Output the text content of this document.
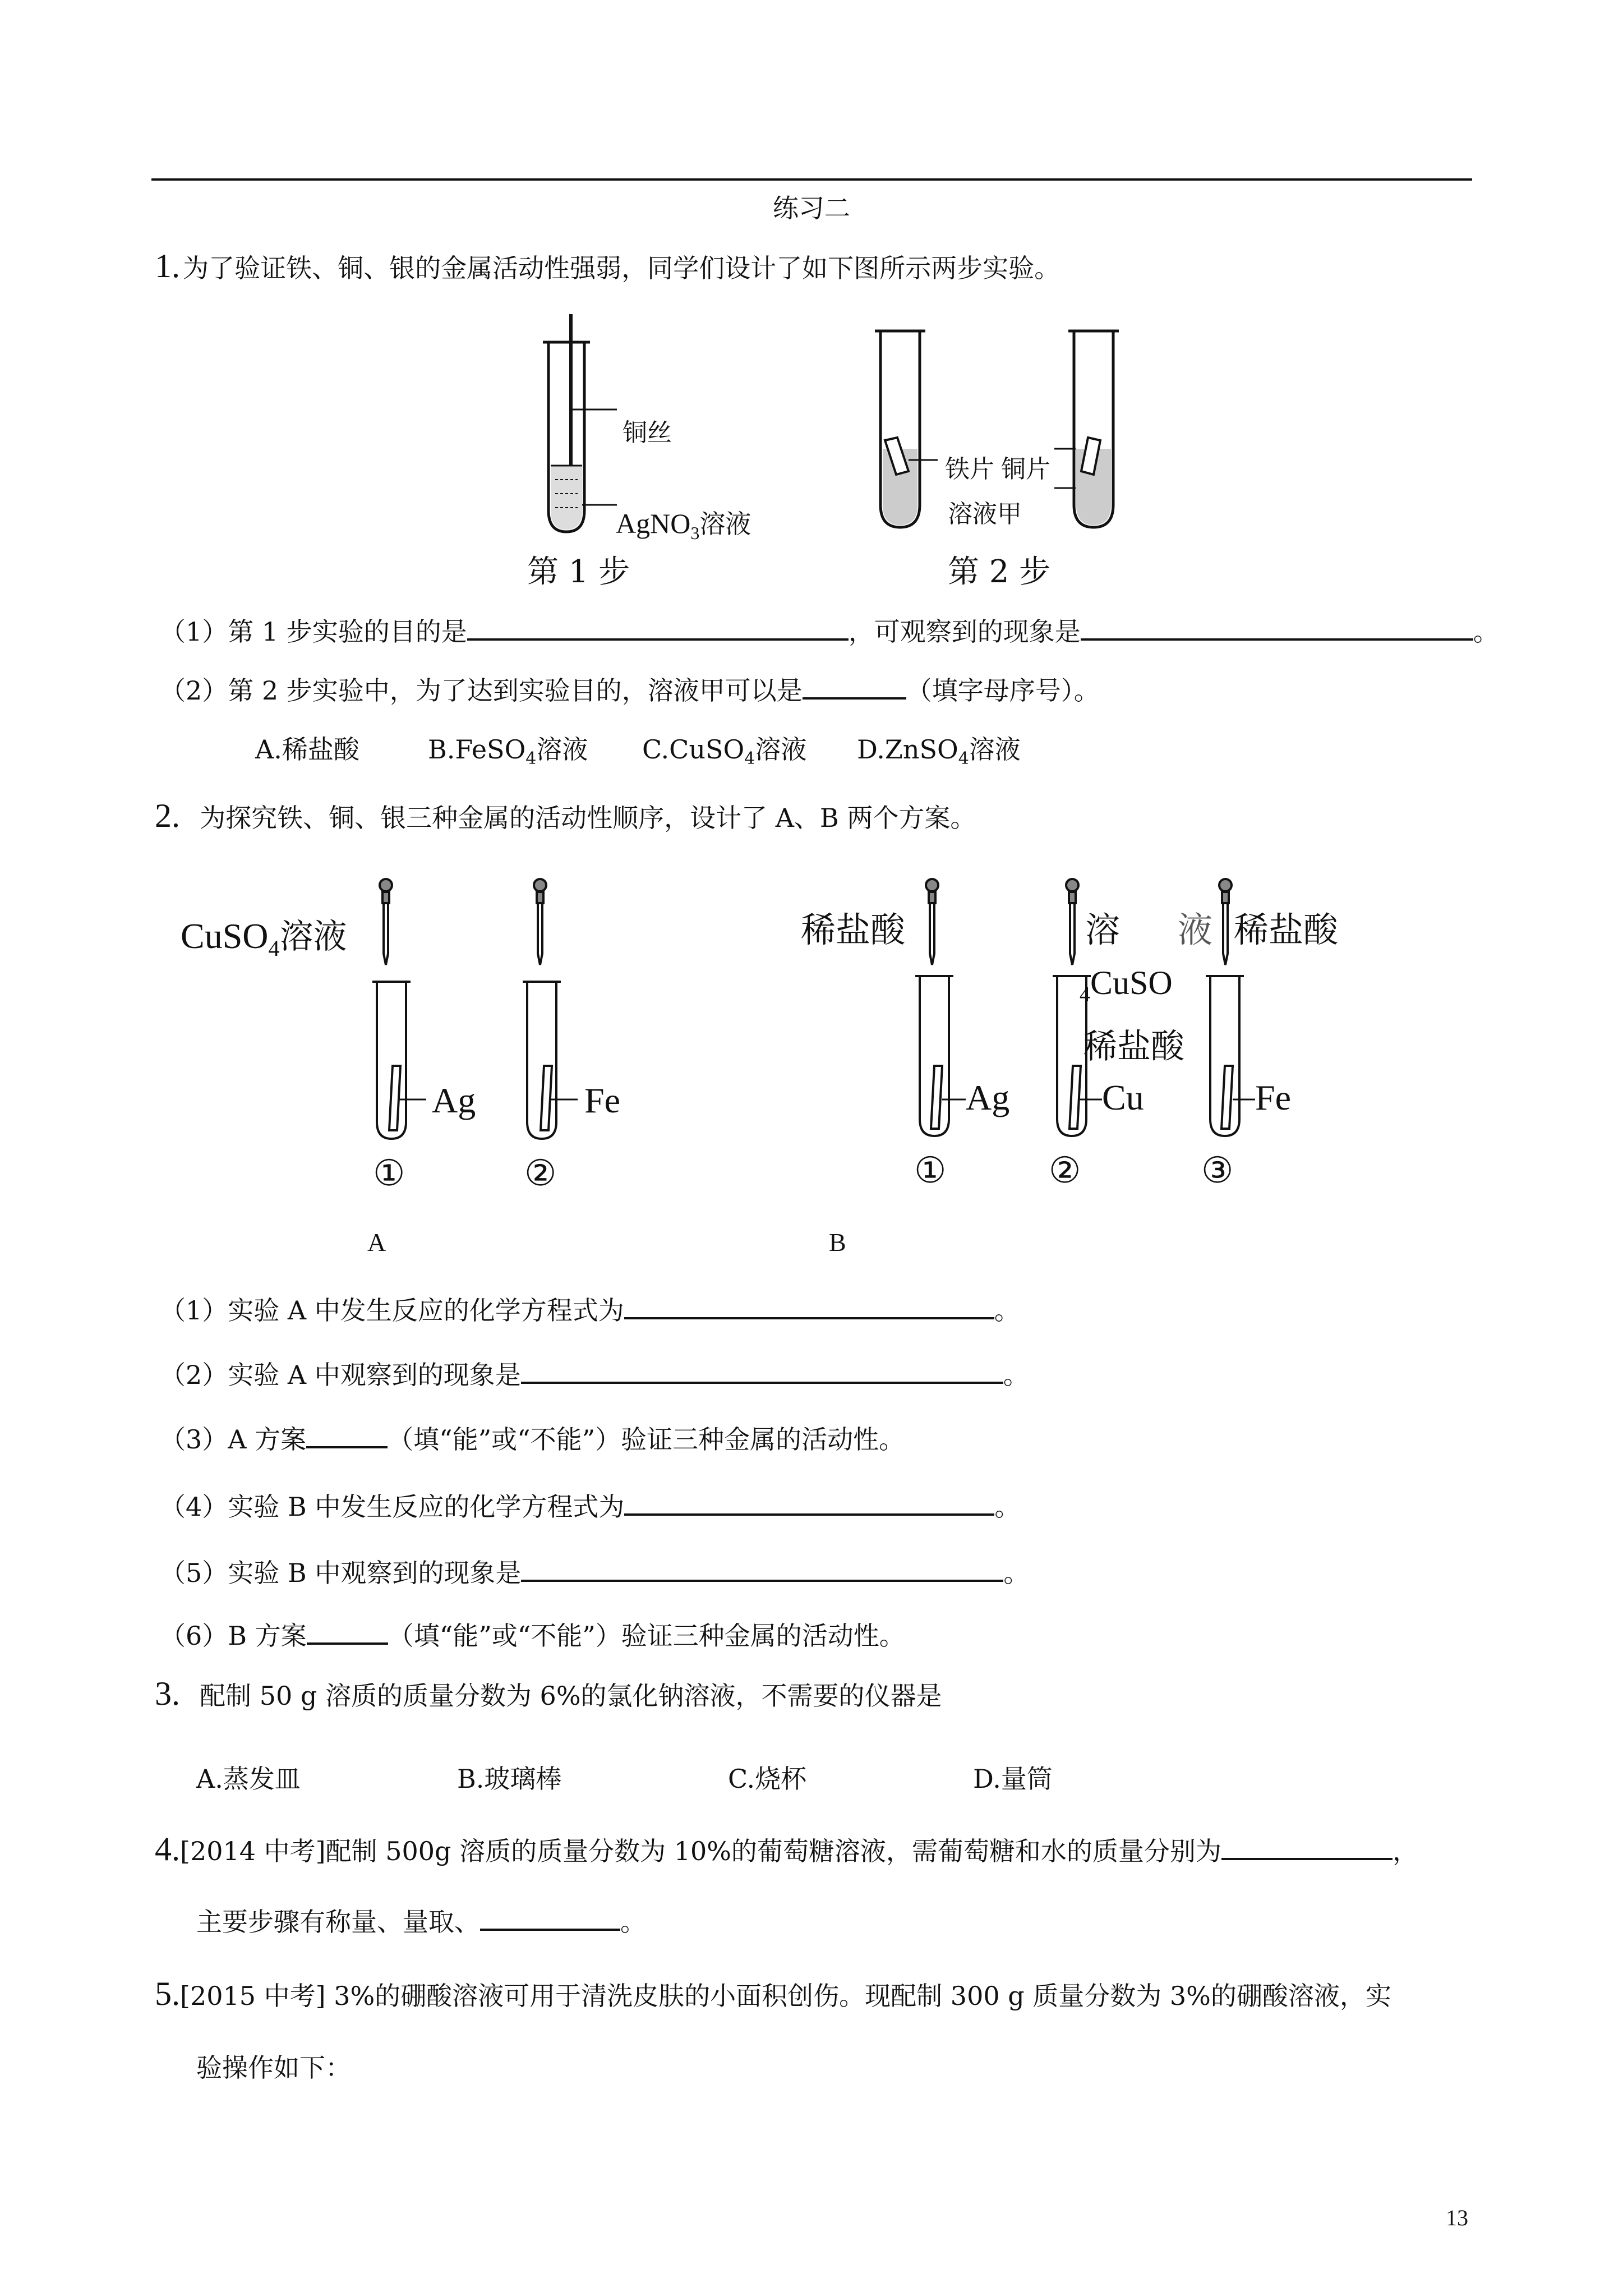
练习二
1. 为了验证铁、铜、银的金属活动性强弱，同学们设计了如下图所示两步实验。
铜丝
AgNO$_3$溶液
第 1 步
铁片 铜片
溶液甲
第 2 步
（1）第 1 步实验的目的是	，可观察到的现象是	。
（2）第 2 步实验中，为了达到实验目的，溶液甲可以是	（填字母序号）。
A.稀盐酸	B.FeSO$_4$溶液 C.CuSO$_4$溶液 D.ZnSO$_4$溶液
2. 为探究铁、铜、银三种金属的活动性顺序，设计了 A、B 两个方案。
CuSO$_4$溶液
Ag	Fe
①	②
A
稀盐酸	溶 液 稀盐酸
$_4$CuSO
稀盐酸
Ag	Cu	Fe
①	②	③
B
（1）实验 A 中发生反应的化学方程式为	。
（2）实验 A 中观察到的现象是	。
（3）A 方案	（填“能”或“不能”）验证三种金属的活动性。
（4）实验 B 中发生反应的化学方程式为	。
（5）实验 B 中观察到的现象是	。
（6）B 方案	（填“能”或“不能”）验证三种金属的活动性。
3. 配制 50 g 溶质的质量分数为 6%的氯化钠溶液，不需要的仪器是
A.蒸发皿	B.玻璃棒	C.烧杯	D.量筒
4.[2014 中考]配制 500g 溶质的质量分数为 10%的葡萄糖溶液，需葡萄糖和水的质量分别为	，
主要步骤有称量、量取、	。
5.[2015 中考] 3%的硼酸溶液可用于清洗皮肤的小面积创伤。现配制 300 g 质量分数为 3%的硼酸溶液，实
验操作如下：
13
